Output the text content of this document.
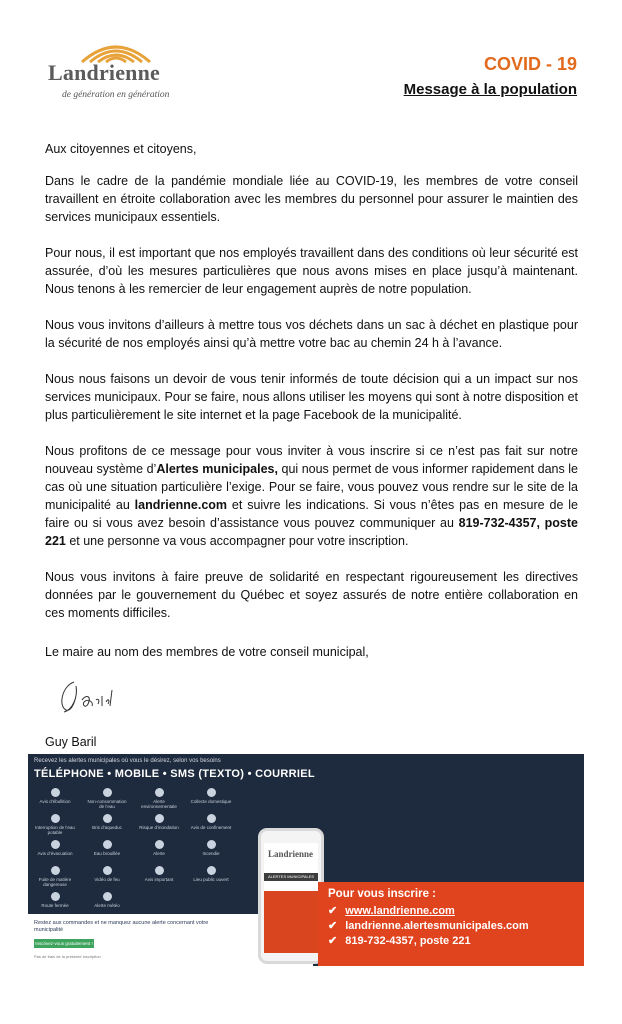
Landrienne
de génération en génération
COVID - 19
Message à la population

Aux citoyennes et citoyens,

Dans le cadre de la pandémie mondiale liée au COVID-19, les membres de votre conseil travaillent en étroite collaboration avec les membres du personnel pour assurer le maintien des services municipaux essentiels.

Pour nous, il est important que nos employés travaillent dans des conditions où leur sécurité est assurée, d’où les mesures particulières que nous avons mises en place jusqu’à maintenant. Nous tenons à les remercier de leur engagement auprès de notre population.

Nous vous invitons d’ailleurs à mettre tous vos déchets dans un sac à déchet en plastique pour la sécurité de nos employés ainsi qu’à mettre votre bac au chemin 24 h à l’avance.

Nous nous faisons un devoir de vous tenir informés de toute décision qui a un impact sur nos services municipaux. Pour se faire, nous allons utiliser les moyens qui sont à notre disposition et plus particulièrement le site internet et la page Facebook de la municipalité.

Nous profitons de ce message pour vous inviter à vous inscrire si ce n’est pas fait sur notre nouveau système d’Alertes municipales, qui nous permet de vous informer rapidement dans le cas où une situation particulière l’exige. Pour se faire, vous pouvez vous rendre sur le site de la municipalité au landrienne.com et suivre les indications. Si vous n’êtes pas en mesure de le faire ou si vous avez besoin d’assistance vous pouvez communiquer au 819-732-4357, poste 221 et une personne va vous accompagner pour votre inscription.

Nous vous invitons à faire preuve de solidarité en respectant rigoureusement les directives données par le gouvernement du Québec et soyez assurés de notre entière collaboration en ces moments difficiles.

Le maire au nom des membres de votre conseil municipal,
Guy Baril
Recevez les alertes municipales où vous le désirez, selon vos besoins
TÉLÉPHONE • MOBILE • SMS (TEXTO) • COURRIEL
Avis d’ébullition	Non-consommation de l’eau
Alerte environnementale
Collecte domestique
Interruption de l’eau potable
Bris d’aqueduc	Risque d’inondation	Avis de confinement
Avis d’évacuation	Eau brouillée	Alerte	Incendie
Fuite de matière dangereuse
Vidéo de feu	Avis important	Lieu public ouvert
Route fermée	Alerte météo
Restez aux commandes et ne manquez aucune alerte concernant votre municipalité
Inscrivez-vous gratuitement !
Pas de frais de la présente inscription
Landrienne
ALERTES MUNICIPALES
Pour vous inscrire :
✔ www.landrienne.com
✔ landrienne.alertesmunicipales.com
✔ 819-732-4357, poste 221
